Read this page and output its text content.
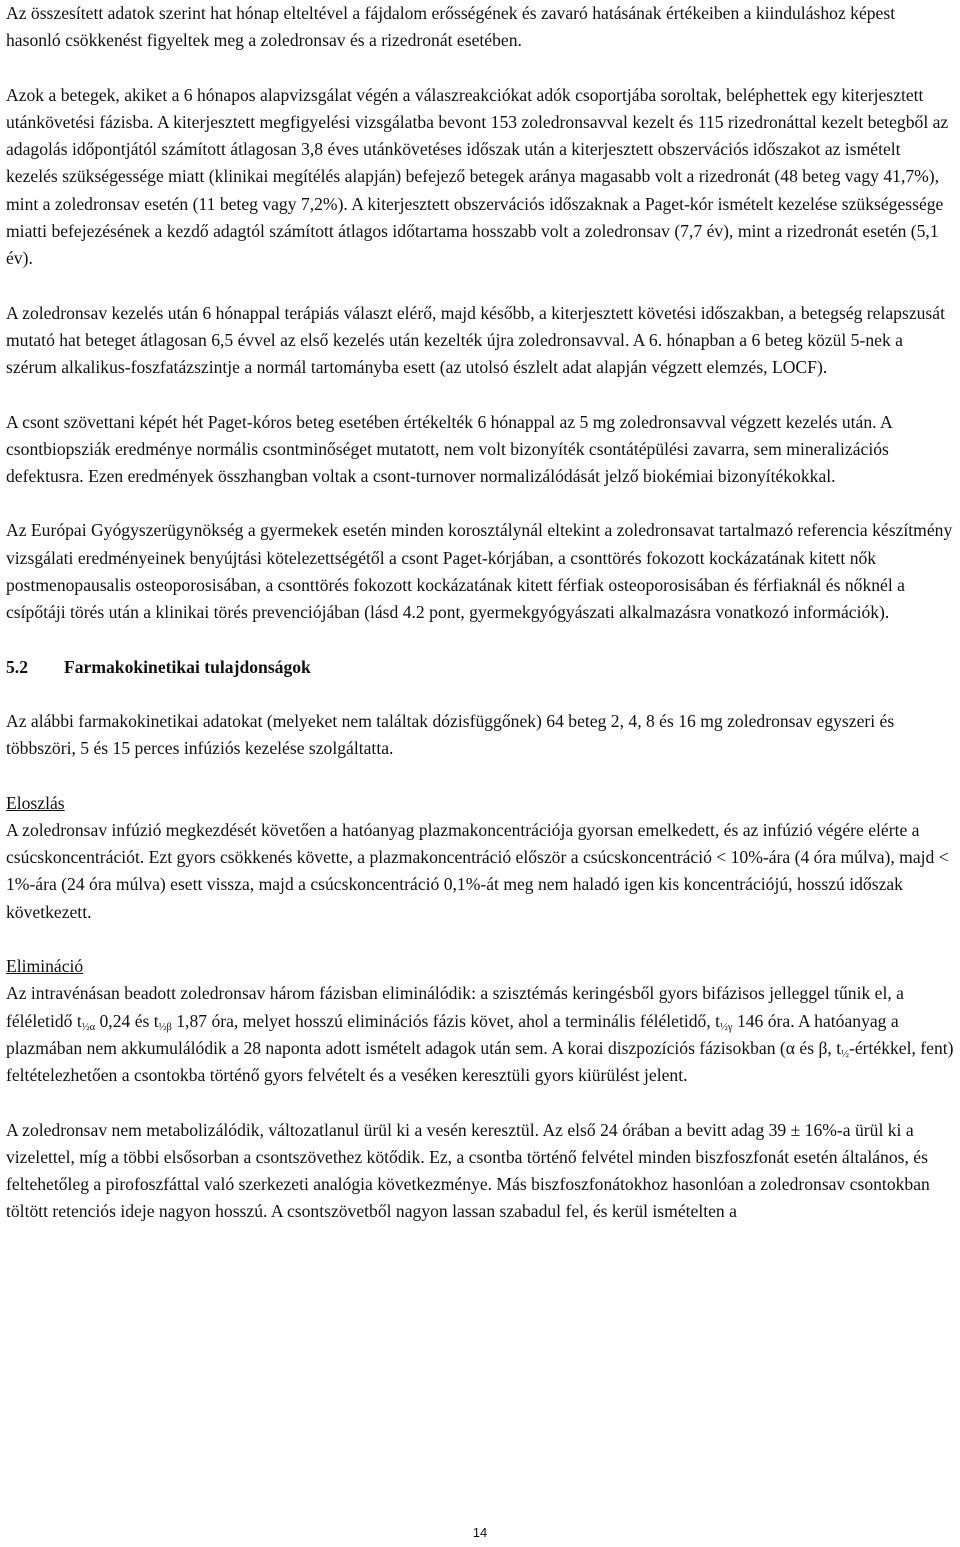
Az összesített adatok szerint hat hónap elteltével a fájdalom erősségének és zavaró hatásának értékeiben a kiinduláshoz képest hasonló csökkenést figyeltek meg a zoledronsav és a rizedronát esetében.

Azok a betegek, akiket a 6 hónapos alapvizsgálat végén a válaszreakciókat adók csoportjába soroltak, beléphettek egy kiterjesztett utánkövetési fázisba. A kiterjesztett megfigyelési vizsgálatba bevont 153 zoledronsavval kezelt és 115 rizedronáttal kezelt betegből az adagolás időpontjától számított átlagosan 3,8 éves utánkövetéses időszak után a kiterjesztett obszervációs időszakot az ismételt kezelés szükségessége miatt (klinikai megítélés alapján) befejező betegek aránya magasabb volt a rizedronát (48 beteg vagy 41,7%), mint a zoledronsav esetén (11 beteg vagy 7,2%). A kiterjesztett obszervációs időszaknak a Paget-kór ismételt kezelése szükségessége miatti befejezésének a kezdő adagtól számított átlagos időtartama hosszabb volt a zoledronsav (7,7 év), mint a rizedronát esetén (5,1 év).

A zoledronsav kezelés után 6 hónappal terápiás választ elérő, majd később, a kiterjesztett követési időszakban, a betegség relapszusát mutató hat beteget átlagosan 6,5 évvel az első kezelés után kezelték újra zoledronsavval. A 6. hónapban a 6 beteg közül 5-nek a szérum alkalikus-foszfatázszintje a normál tartományba esett (az utolsó észlelt adat alapján végzett elemzés, LOCF).

A csont szövettani képét hét Paget-kóros beteg esetében értékelték 6 hónappal az 5 mg zoledronsavval végzett kezelés után. A csontbiopsziák eredménye normális csontminőséget mutatott, nem volt bizonyíték csontátépülési zavarra, sem mineralizációs defektusra. Ezen eredmények összhangban voltak a csont-turnover normalizálódását jelző biokémiai bizonyítékokkal.

Az Európai Gyógyszerügynökség a gyermekek esetén minden korosztálynál eltekint a zoledronsavat tartalmazó referencia készítmény vizsgálati eredményeinek benyújtási kötelezettségétől a csont Paget-kórjában, a csonttörés fokozott kockázatának kitett nők postmenopausalis osteoporosisában, a csonttörés fokozott kockázatának kitett férfiak osteoporosisában és férfiaknál és nőknél a csípőtáji törés után a klinikai törés prevenciójában (lásd 4.2 pont, gyermekgyógyászati alkalmazásra vonatkozó információk).

5.2 Farmakokinetikai tulajdonságok

Az alábbi farmakokinetikai adatokat (melyeket nem találtak dózisfüggőnek) 64 beteg 2, 4, 8 és 16 mg zoledronsav egyszeri és többszöri, 5 és 15 perces infúziós kezelése szolgáltatta.

Eloszlás

A zoledronsav infúzió megkezdését követően a hatóanyag plazmakoncentrációja gyorsan emelkedett, és az infúzió végére elérte a csúcskoncentrációt. Ezt gyors csökkenés követte, a plazmakoncentráció először a csúcskoncentráció < 10%-ára (4 óra múlva), majd < 1%-ára (24 óra múlva) esett vissza, majd a csúcskoncentráció 0,1%-át meg nem haladó igen kis koncentrációjú, hosszú időszak következett.

Elimináció

Az intravénásan beadott zoledronsav három fázisban eliminálódik: a szisztémás keringésből gyors bifázisos jelleggel tűnik el, a féléletidő $t_{\frac{1}{2}\alpha}$ 0,24 és $t_{\frac{1}{2}\beta}$ 1,87 óra, melyet hosszú eliminációs fázis követ, ahol a terminális féléletidő, $t_{\frac{1}{2}\gamma}$ 146 óra. A hatóanyag a plazmában nem akkumulálódik a 28 naponta adott ismételt adagok után sem. A korai diszpozíciós fázisokban (α és β, $t_{\frac{1}{2}}$-értékkel, fent) feltételezhetően a csontokba történő gyors felvételt és a veséken keresztüli gyors kiürülést jelent.

A zoledronsav nem metabolizálódik, változatlanul ürül ki a vesén keresztül. Az első 24 órában a bevitt adag 39 ± 16%-a ürül ki a vizelettel, míg a többi elsősorban a csontszövethez kötődik. Ez, a csontba történő felvétel minden biszfoszfonát esetén általános, és feltehetőleg a pirofoszfáttal való szerkezeti analógia következménye. Más biszfoszfonátokhoz hasonlóan a zoledronsav csontokban töltött retenciós ideje nagyon hosszú. A csontszövetből nagyon lassan szabadul fel, és kerül ismételten a

14
